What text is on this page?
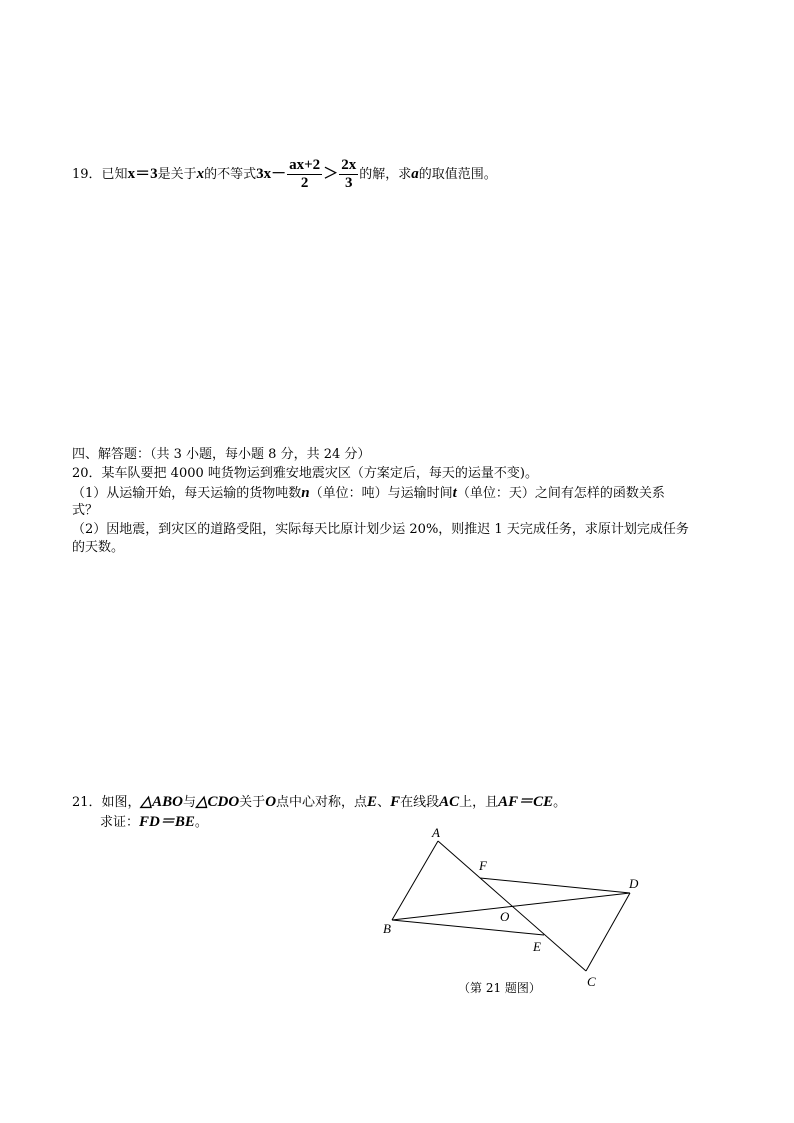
19．已知x＝3是关于x的不等式$3x- \frac{ax+2}{2} > \frac{2x}{3}$ 的解，求a的取值范围。
四、解答题：（共 3 小题，每小题 8 分，共 24 分）
20．某车队要把 4000 吨货物运到雅安地震灾区（方案定后，每天的运量不变)。
（1）从运输开始，每天运输的货物吨数n（单位：吨）与运输时间t（单位：天）之间有怎样的函数关系
式？
（2）因地震，到灾区的道路受阻，实际每天比原计划少运 20%，则推迟 1 天完成任务，求原计划完成任务
的天数。
21．如图，△ABO与△CDO关于O点中心对称，点E、F在线段AC上，且AF＝CE。
求证：FD＝BE。
A
B
C
D
O
E
F
（第 21 题图）
